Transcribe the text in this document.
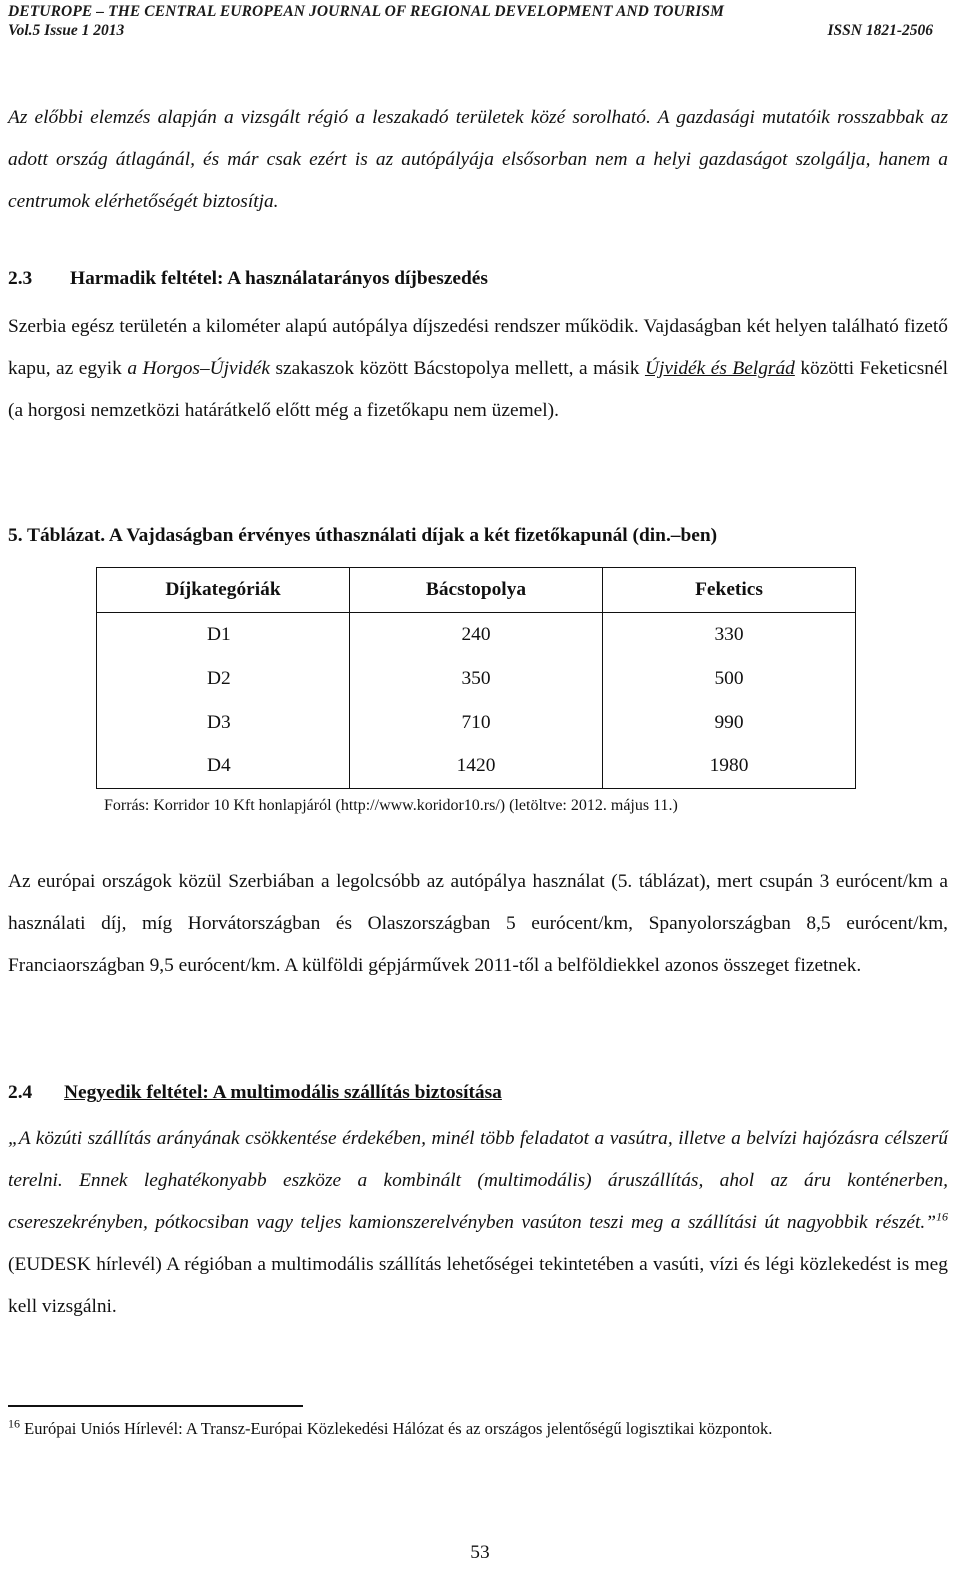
DETUROPE – THE CENTRAL EUROPEAN JOURNAL OF REGIONAL DEVELOPMENT AND TOURISM
Vol.5 Issue 1 2013	ISSN 1821-2506

Az előbbi elemzés alapján a vizsgált régió a leszakadó területek közé sorolható. A gazdasági mutatóik rosszabbak az adott ország átlagánál, és már csak ezért is az autópályája elsősorban nem a helyi gazdaságot szolgálja, hanem a centrumok elérhetőségét biztosítja.

2.3 Harmadik feltétel: A használatarányos díjbeszedés

Szerbia egész területén a kilométer alapú autópálya díjszedési rendszer működik. Vajdaságban két helyen található fizető kapu, az egyik a Horgos–Újvidék szakaszok között Bácstopolya mellett, a másik Újvidék és Belgrád közötti Feketicsnél (a horgosi nemzetközi határátkelő előtt még a fizetőkapu nem üzemel).

5. Táblázat. A Vajdaságban érvényes úthasználati díjak a két fizetőkapunál (din.–ben)
Díjkategóriák	Bácstopolya	Feketics
D1	240	330
D2	350	500
D3	710	990
D4	1420	1980
Forrás: Korridor 10 Kft honlapjáról (http://www.koridor10.rs/) (letöltve: 2012. május 11.)

Az európai országok közül Szerbiában a legolcsóbb az autópálya használat (5. táblázat), mert csupán 3 eurócent/km a használati díj, míg Horvátországban és Olaszországban 5 eurócent/km, Spanyolországban 8,5 eurócent/km, Franciaországban 9,5 eurócent/km. A külföldi gépjárművek 2011-től a belföldiekkel azonos összeget fizetnek.

2.4 Negyedik feltétel: A multimodális szállítás biztosítása

„A közúti szállítás arányának csökkentése érdekében, minél több feladatot a vasútra, illetve a belvízi hajózásra célszerű terelni. Ennek leghatékonyabb eszköze a kombinált (multimodális) áruszállítás, ahol az áru konténerben, csereszekrényben, pótkocsiban vagy teljes kamionszerelvényben vasúton teszi meg a szállítási út nagyobbik részét.”$^{16}$ (EUDESK hírlevél) A régióban a multimodális szállítás lehetőségei tekintetében a vasúti, vízi és légi közlekedést is meg kell vizsgálni.

$^{16}$ Európai Uniós Hírlevél: A Transz-Európai Közlekedési Hálózat és az országos jelentőségű logisztikai központok.

53
